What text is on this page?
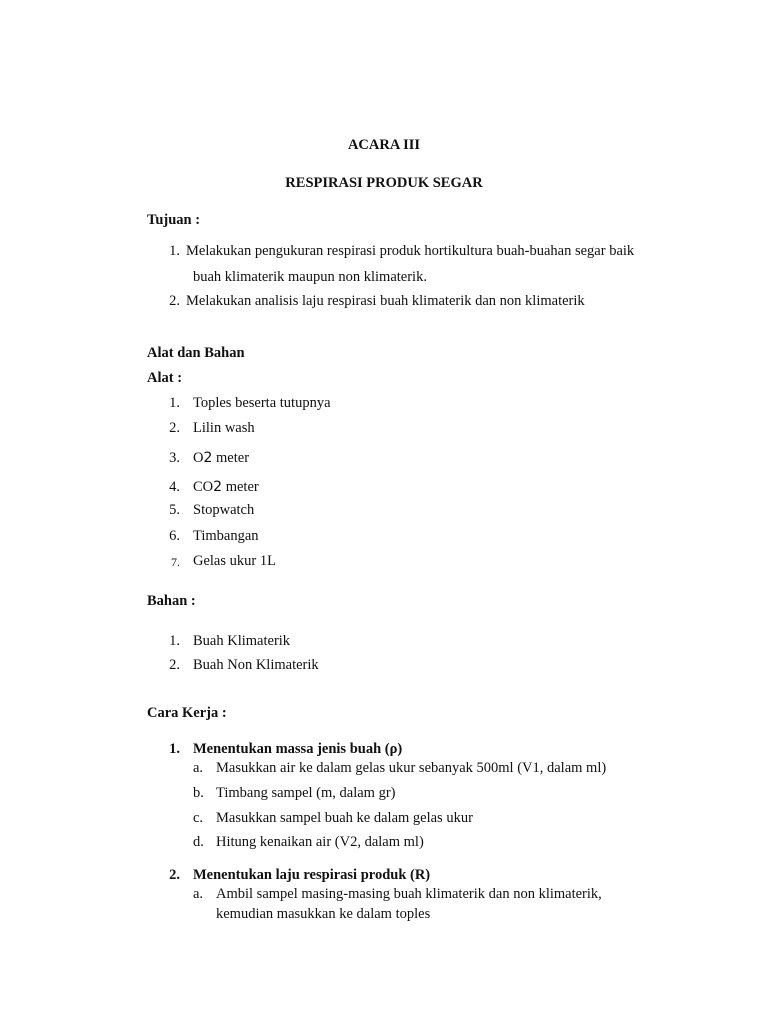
ACARA III
RESPIRASI PRODUK SEGAR
Tujuan :
1. Melakukan pengukuran respirasi produk hortikultura buah-buahan segar baik
buah klimaterik maupun non klimaterik.
2. Melakukan analisis laju respirasi buah klimaterik dan non klimaterik
Alat dan Bahan
Alat :
1. Toples beserta tutupnya
2. Lilin wash
3. O2 meter
4. CO2 meter
5. Stopwatch
6. Timbangan
7. Gelas ukur 1L
Bahan :
1. Buah Klimaterik
2. Buah Non Klimaterik
Cara Kerja :
1. Menentukan massa jenis buah (ρ)
a. Masukkan air ke dalam gelas ukur sebanyak 500ml (V1, dalam ml)
b. Timbang sampel (m, dalam gr)
c. Masukkan sampel buah ke dalam gelas ukur
d. Hitung kenaikan air (V2, dalam ml)
2. Menentukan laju respirasi produk (R)
a. Ambil sampel masing-masing buah klimaterik dan non klimaterik,
kemudian masukkan ke dalam toples
